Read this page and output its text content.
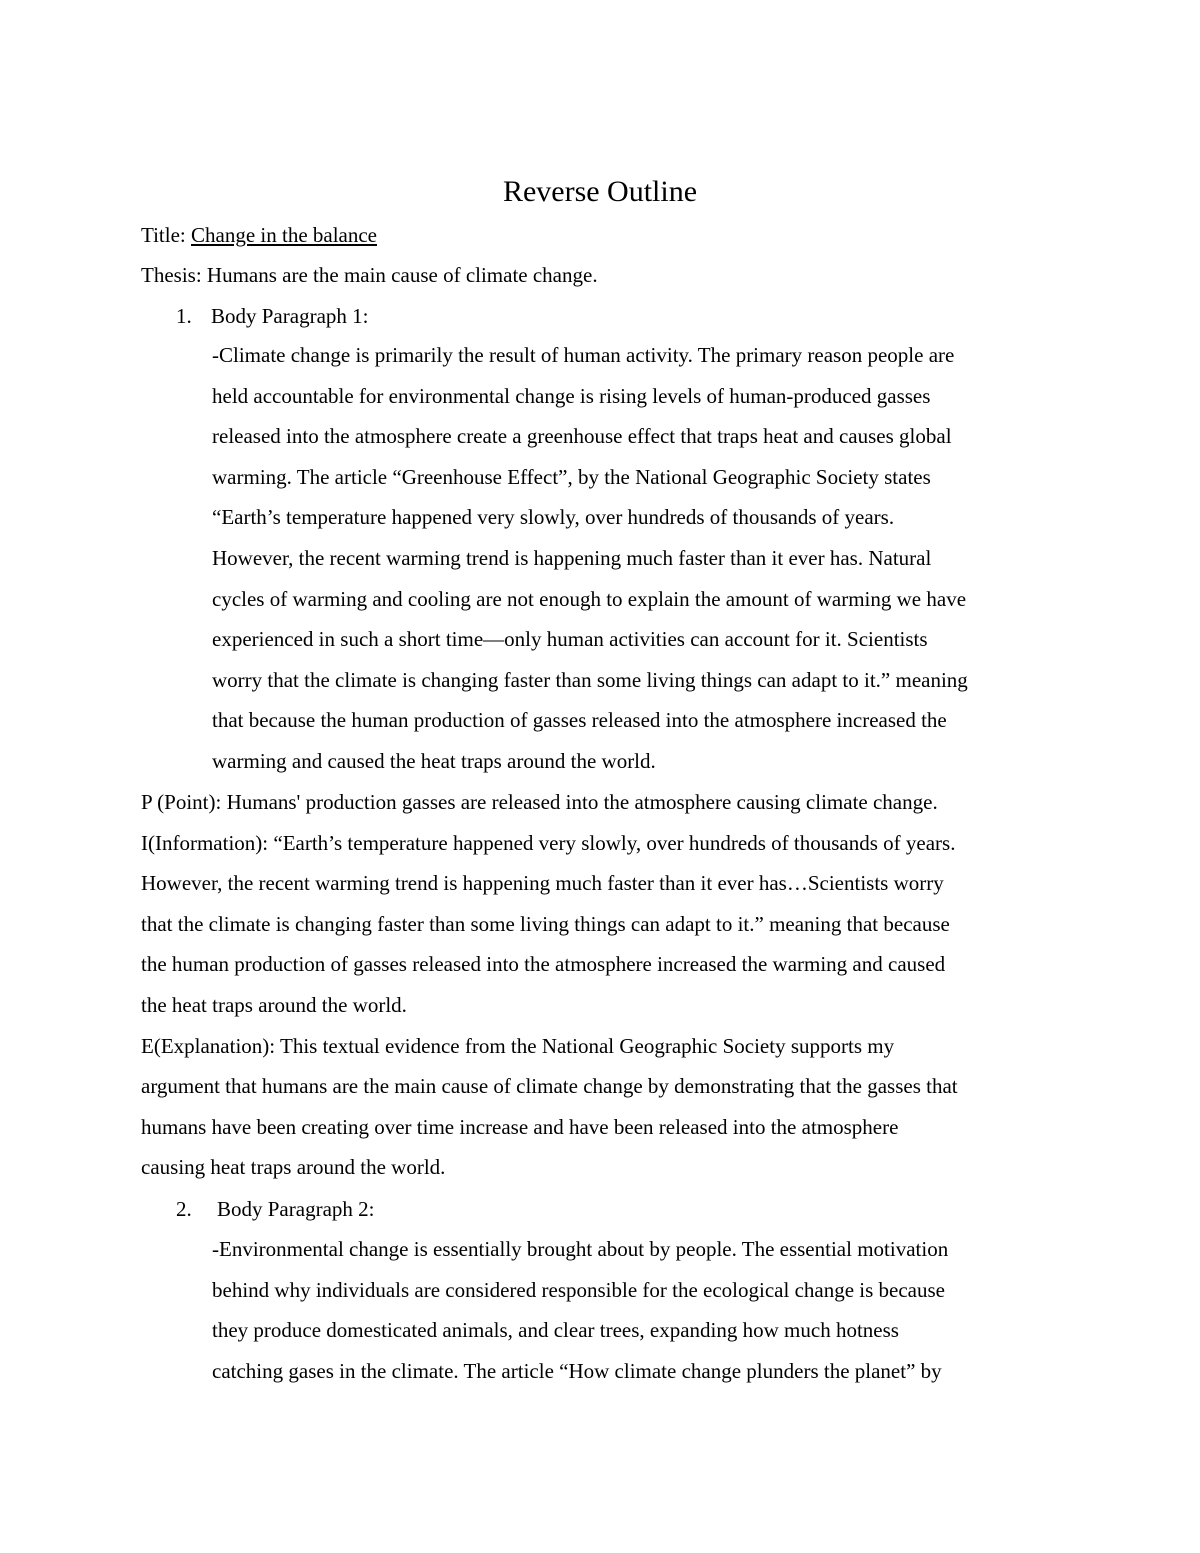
Reverse Outline
Title: Change in the balance
Thesis: Humans are the main cause of climate change.
1. Body Paragraph 1:
-Climate change is primarily the result of human activity. The primary reason people are
held accountable for environmental change is rising levels of human-produced gasses
released into the atmosphere create a greenhouse effect that traps heat and causes global
warming. The article “Greenhouse Effect”, by the National Geographic Society states
“Earth’s temperature happened very slowly, over hundreds of thousands of years.
However, the recent warming trend is happening much faster than it ever has. Natural
cycles of warming and cooling are not enough to explain the amount of warming we have
experienced in such a short time—only human activities can account for it. Scientists
worry that the climate is changing faster than some living things can adapt to it.” meaning
that because the human production of gasses released into the atmosphere increased the
warming and caused the heat traps around the world.
P (Point): Humans' production gasses are released into the atmosphere causing climate change.
I(Information): “Earth’s temperature happened very slowly, over hundreds of thousands of years.
However, the recent warming trend is happening much faster than it ever has…Scientists worry
that the climate is changing faster than some living things can adapt to it.” meaning that because
the human production of gasses released into the atmosphere increased the warming and caused
the heat traps around the world.
E(Explanation): This textual evidence from the National Geographic Society supports my
argument that humans are the main cause of climate change by demonstrating that the gasses that
humans have been creating over time increase and have been released into the atmosphere
causing heat traps around the world.
2. Body Paragraph 2:
-Environmental change is essentially brought about by people. The essential motivation
behind why individuals are considered responsible for the ecological change is because
they produce domesticated animals, and clear trees, expanding how much hotness
catching gases in the climate. The article “How climate change plunders the planet” by
